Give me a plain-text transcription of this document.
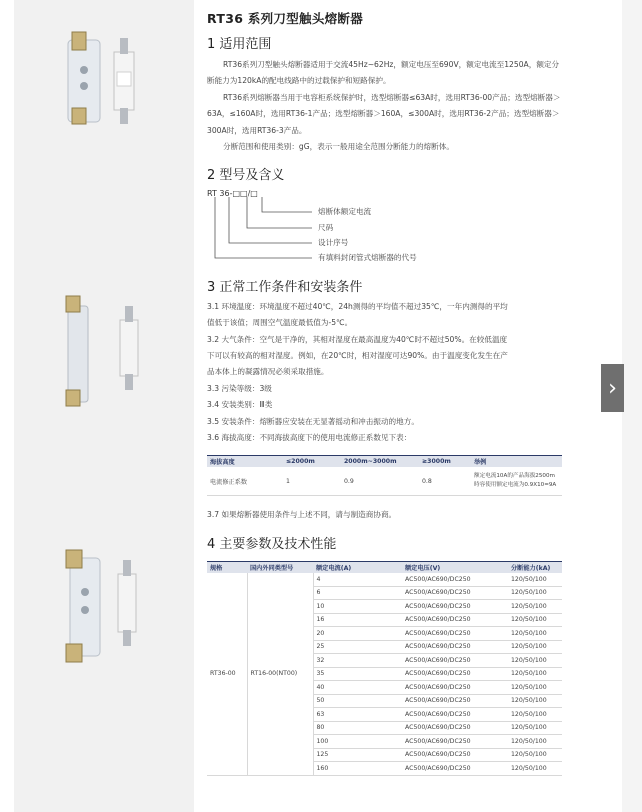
›
RT36 系列刀型触头熔断器
1 适用范围
RT36系列刀型触头熔断器适用于交流45Hz~62Hz，额定电压至690V，额定电流至1250A，额定分断能力为120kA的配电线路中的过载保护和短路保护。
RT36系列熔断器当用于电容柜系统保护时，选型熔断器≤63A时，选用RT36-00产品；选型熔断器＞63A，≤160A时，选用RT36-1产品；选型熔断器＞160A，≤300A时，选用RT36-2产品；选型熔断器＞300A时，选用RT36-3产品。
分断范围和使用类别：gG，表示一般用途全范围分断能力的熔断体。
2 型号及含义
RT 36-□□/□
熔断体额定电流
尺码
设计序号
有填料封闭管式熔断器的代号
3 正常工作条件和安装条件
3.1 环境温度：环境温度不超过40℃，24h测得的平均值不超过35℃，一年内测得的平均
值低于该值；周围空气温度最低值为-5℃。
3.2 大气条件：空气是干净的，其相对湿度在最高温度为40℃时不超过50%。在较低温度
下可以有较高的相对湿度。例如，在20℃时，相对湿度可达90%。由于温度变化发生在产
品本体上的凝露情况必须采取措施。
3.3 污染等级：3级
3.4 安装类别：Ⅲ类
3.5 安装条件：熔断器应安装在无显著摇动和冲击振动的地方。
3.6 海拔高度：不同海拔高度下的使用电流修正系数见下表：
海拔高度	≤2000m	2000m~3000m	≥3000m	举例
电流修正系数	1	0.9	0.8	额定电流10A的产品海拔2500m
時容使用额定电流为0.9X10=9A
3.7 如果熔断器使用条件与上述不同，请与制造商协商。
4 主要参数及技术性能
规格	国内外同类型号	额定电流(A)	额定电压(V)	分断能力(kA)
RT36-00	RT16-00(NT00)	4	AC500/AC690/DC250	120/50/100
		6	AC500/AC690/DC250	120/50/100
		10	AC500/AC690/DC250	120/50/100
		16	AC500/AC690/DC250	120/50/100
		20	AC500/AC690/DC250	120/50/100
		25	AC500/AC690/DC250	120/50/100
		32	AC500/AC690/DC250	120/50/100
		35	AC500/AC690/DC250	120/50/100
		40	AC500/AC690/DC250	120/50/100
		50	AC500/AC690/DC250	120/50/100
		63	AC500/AC690/DC250	120/50/100
		80	AC500/AC690/DC250	120/50/100
		100	AC500/AC690/DC250	120/50/100
		125	AC500/AC690/DC250	120/50/100
		160	AC500/AC690/DC250	120/50/100
